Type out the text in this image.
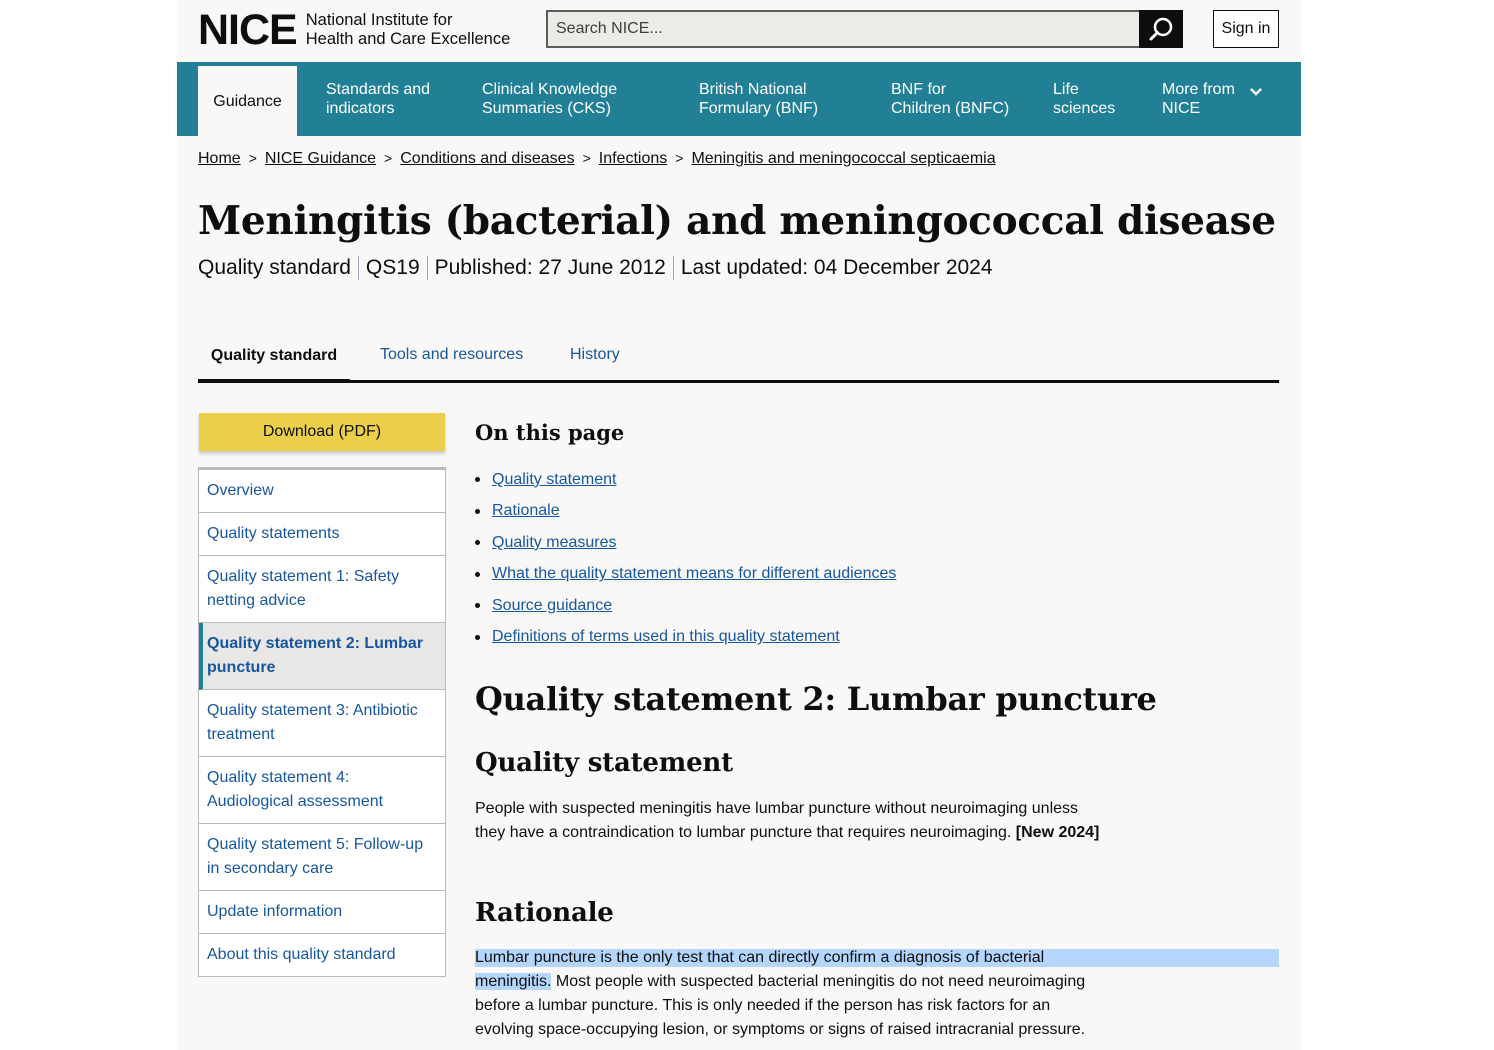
NICE National Institute for
Health and Care Excellence
Search NICE...
Sign in
Guidance
Standards and
indicators
Clinical Knowledge
Summaries (CKS)
British National
Formulary (BNF)
BNF for
Children (BNFC)
Life
sciences
More from
NICE
Home > NICE Guidance > Conditions and diseases > Infections > Meningitis and meningococcal septicaemia
Meningitis (bacterial) and meningococcal disease
Quality standard QS19 Published: 27 June 2012 Last updated: 04 December 2024
Quality standard	Tools and resources	History
Download (PDF)
Overview
Quality statements
Quality statement 1: Safety
netting advice
Quality statement 2: Lumbar
puncture
Quality statement 3: Antibiotic
treatment
Quality statement 4:
Audiological assessment
Quality statement 5: Follow-up
in secondary care
Update information
About this quality standard
On this page
Quality statement
Rationale
Quality measures
What the quality statement means for different audiences
Source guidance
Definitions of terms used in this quality statement
Quality statement 2: Lumbar puncture
Quality statement
People with suspected meningitis have lumbar puncture without neuroimaging unless they have a contraindication to lumbar puncture that requires neuroimaging. [New 2024]
Rationale
Lumbar puncture is the only test that can directly confirm a diagnosis of bacterial meningitis. Most people with suspected bacterial meningitis do not need neuroimaging before a lumbar puncture. This is only needed if the person has risk factors for an evolving space-occupying lesion, or symptoms or signs of raised intracranial pressure.
